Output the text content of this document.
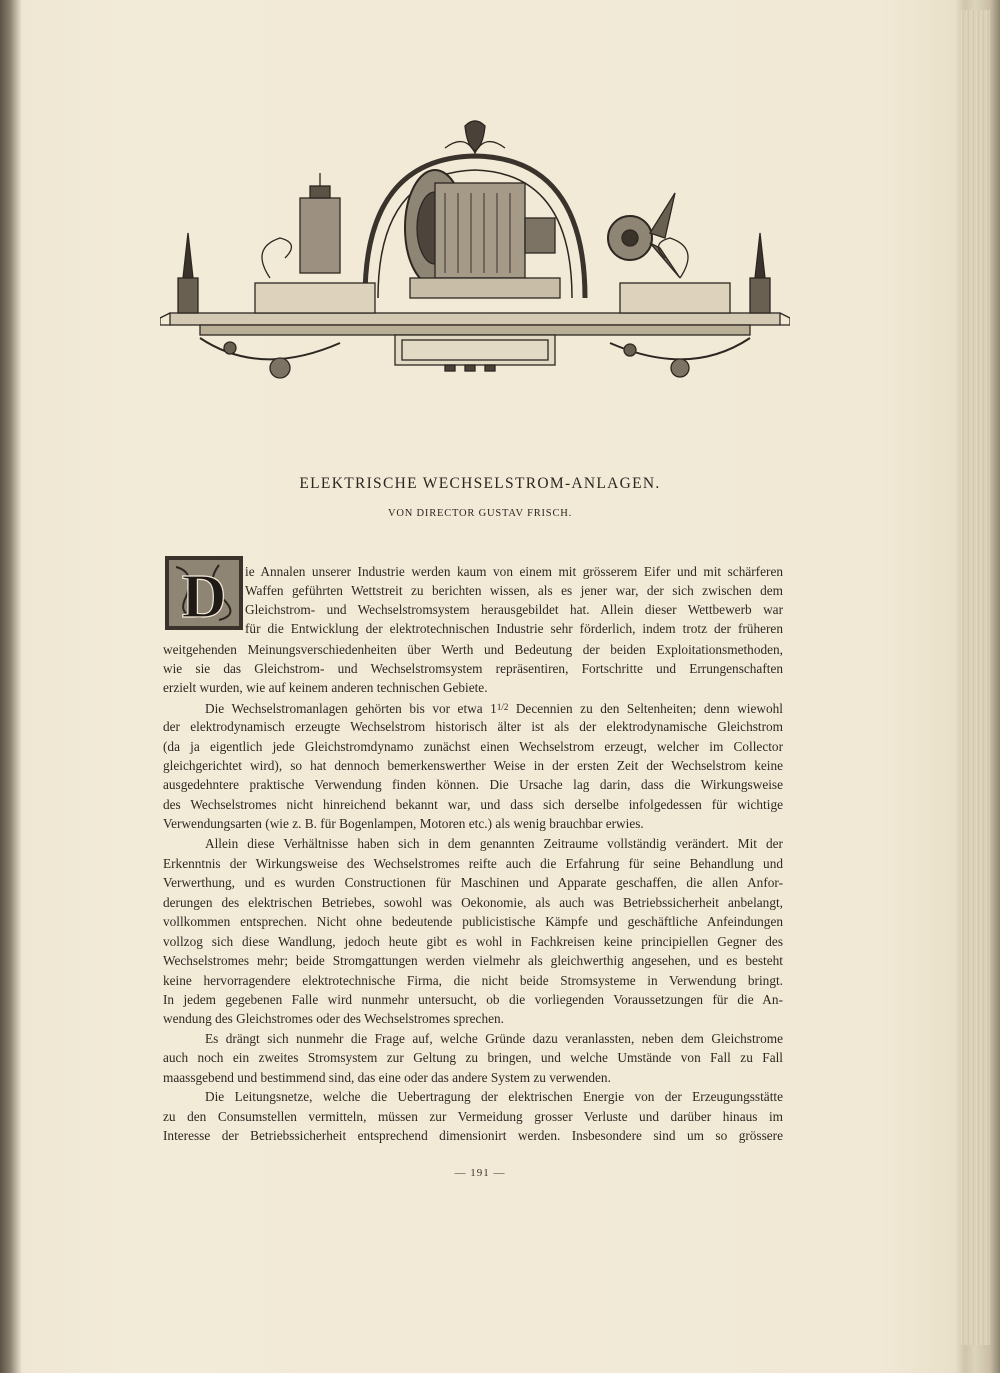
ELEKTRISCHE WECHSELSTROM-ANLAGEN.
VON DIRECTOR GUSTAV FRISCH.
D ie Annalen unserer Industrie werden kaum von einem mit grösserem Eifer und mit schärferen

Waffen geführten Wettstreit zu berichten wissen, als es jener war, der sich zwischen dem

Gleichstrom- und Wechselstromsystem herausgebildet hat. Allein dieser Wettbewerb war

für die Entwicklung der elektrotechnischen Industrie sehr förderlich, indem trotz der früheren

weitgehenden Meinungsverschiedenheiten über Werth und Bedeutung der beiden Exploitationsmethoden,

wie sie das Gleichstrom- und Wechselstromsystem repräsentiren, Fortschritte und Errungenschaften

erzielt wurden, wie auf keinem anderen technischen Gebiete.

Die Wechselstromanlagen gehörten bis vor etwa $1^{1/2}$ Decennien zu den Seltenheiten; denn wiewohl

der elektrodynamisch erzeugte Wechselstrom historisch älter ist als der elektrodynamische Gleichstrom

(da ja eigentlich jede Gleichstromdynamo zunächst einen Wechselstrom erzeugt, welcher im Collector

gleichgerichtet wird), so hat dennoch bemerkenswerther Weise in der ersten Zeit der Wechselstrom keine

ausgedehntere praktische Verwendung finden können. Die Ursache lag darin, dass die Wirkungsweise

des Wechselstromes nicht hinreichend bekannt war, und dass sich derselbe infolgedessen für wichtige

Verwendungsarten (wie z. B. für Bogenlampen, Motoren etc.) als wenig brauchbar erwies.

Allein diese Verhältnisse haben sich in dem genannten Zeitraume vollständig verändert. Mit der

Erkenntnis der Wirkungsweise des Wechselstromes reifte auch die Erfahrung für seine Behandlung und

Verwerthung, und es wurden Constructionen für Maschinen und Apparate geschaffen, die allen Anfor-

derungen des elektrischen Betriebes, sowohl was Oekonomie, als auch was Betriebssicherheit anbelangt,

vollkommen entsprechen. Nicht ohne bedeutende publicistische Kämpfe und geschäftliche Anfeindungen

vollzog sich diese Wandlung, jedoch heute gibt es wohl in Fachkreisen keine principiellen Gegner des

Wechselstromes mehr; beide Stromgattungen werden vielmehr als gleichwerthig angesehen, und es besteht

keine hervorragendere elektrotechnische Firma, die nicht beide Stromsysteme in Verwendung bringt.

In jedem gegebenen Falle wird nunmehr untersucht, ob die vorliegenden Voraussetzungen für die An-

wendung des Gleichstromes oder des Wechselstromes sprechen.

Es drängt sich nunmehr die Frage auf, welche Gründe dazu veranlassten, neben dem Gleichstrome

auch noch ein zweites Stromsystem zur Geltung zu bringen, und welche Umstände von Fall zu Fall

maassgebend und bestimmend sind, das eine oder das andere System zu verwenden.

Die Leitungsnetze, welche die Uebertragung der elektrischen Energie von der Erzeugungsstätte

zu den Consumstellen vermitteln, müssen zur Vermeidung grosser Verluste und darüber hinaus im

Interesse der Betriebssicherheit entsprechend dimensionirt werden. Insbesondere sind um so grössere

— 191 —
